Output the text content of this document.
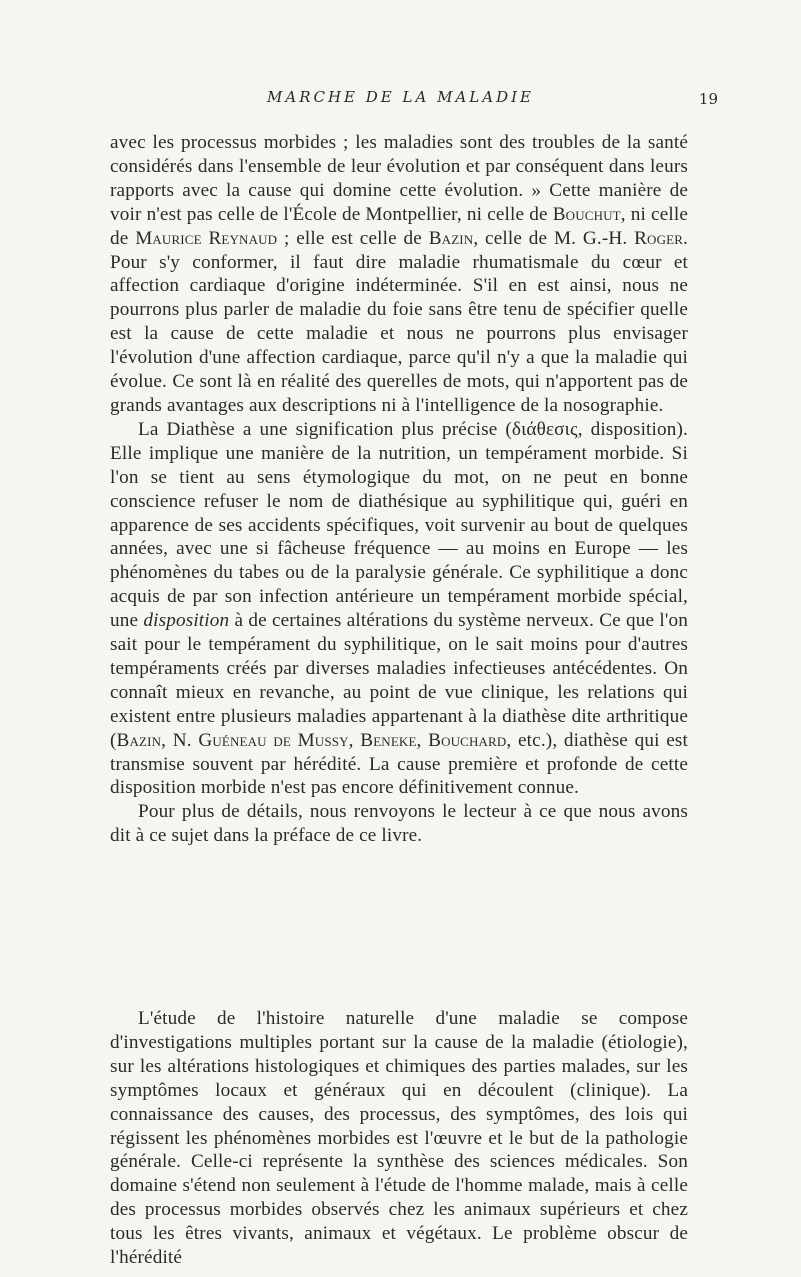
MARCHE DE LA MALADIE	19

avec les processus morbides ; les maladies sont des troubles de la santé considérés dans l'ensemble de leur évolution et par conséquent dans leurs rapports avec la cause qui domine cette évolution. » Cette manière de voir n'est pas celle de l'École de Montpellier, ni celle de Bouchut, ni celle de Maurice Reynaud ; elle est celle de Bazin, celle de M. G.-H. Roger. Pour s'y conformer, il faut dire maladie rhumatismale du cœur et affection cardiaque d'origine indéterminée. S'il en est ainsi, nous ne pourrons plus parler de maladie du foie sans être tenu de spécifier quelle est la cause de cette maladie et nous ne pourrons plus envisager l'évolution d'une affection cardiaque, parce qu'il n'y a que la maladie qui évolue. Ce sont là en réalité des querelles de mots, qui n'apportent pas de grands avantages aux descriptions ni à l'intelligence de la nosographie.

La Diathèse a une signification plus précise (διάθεσις, disposition). Elle implique une manière de la nutrition, un tempérament morbide. Si l'on se tient au sens étymologique du mot, on ne peut en bonne conscience refuser le nom de diathésique au syphilitique qui, guéri en apparence de ses accidents spécifiques, voit survenir au bout de quelques années, avec une si fâcheuse fréquence — au moins en Europe — les phénomènes du tabes ou de la paralysie générale. Ce syphilitique a donc acquis de par son infection antérieure un tempérament morbide spécial, une disposition à de certaines altérations du système nerveux. Ce que l'on sait pour le tempérament du syphilitique, on le sait moins pour d'autres tempéraments créés par diverses maladies infectieuses antécédentes. On connaît mieux en revanche, au point de vue clinique, les relations qui existent entre plusieurs maladies appartenant à la diathèse dite arthritique (Bazin, N. Guéneau de Mussy, Beneke, Bouchard, etc.), diathèse qui est transmise souvent par hérédité. La cause première et profonde de cette disposition morbide n'est pas encore définitivement connue.

Pour plus de détails, nous renvoyons le lecteur à ce que nous avons dit à ce sujet dans la préface de ce livre.

L'étude de l'histoire naturelle d'une maladie se compose d'investigations multiples portant sur la cause de la maladie (étiologie), sur les altérations histologiques et chimiques des parties malades, sur les symptômes locaux et généraux qui en découlent (clinique). La connaissance des causes, des processus, des symptômes, des lois qui régissent les phénomènes morbides est l'œuvre et le but de la pathologie générale. Celle-ci représente la synthèse des sciences médicales. Son domaine s'étend non seulement à l'étude de l'homme malade, mais à celle des processus morbides observés chez les animaux supérieurs et chez tous les êtres vivants, animaux et végétaux. Le problème obscur de l'hérédité
